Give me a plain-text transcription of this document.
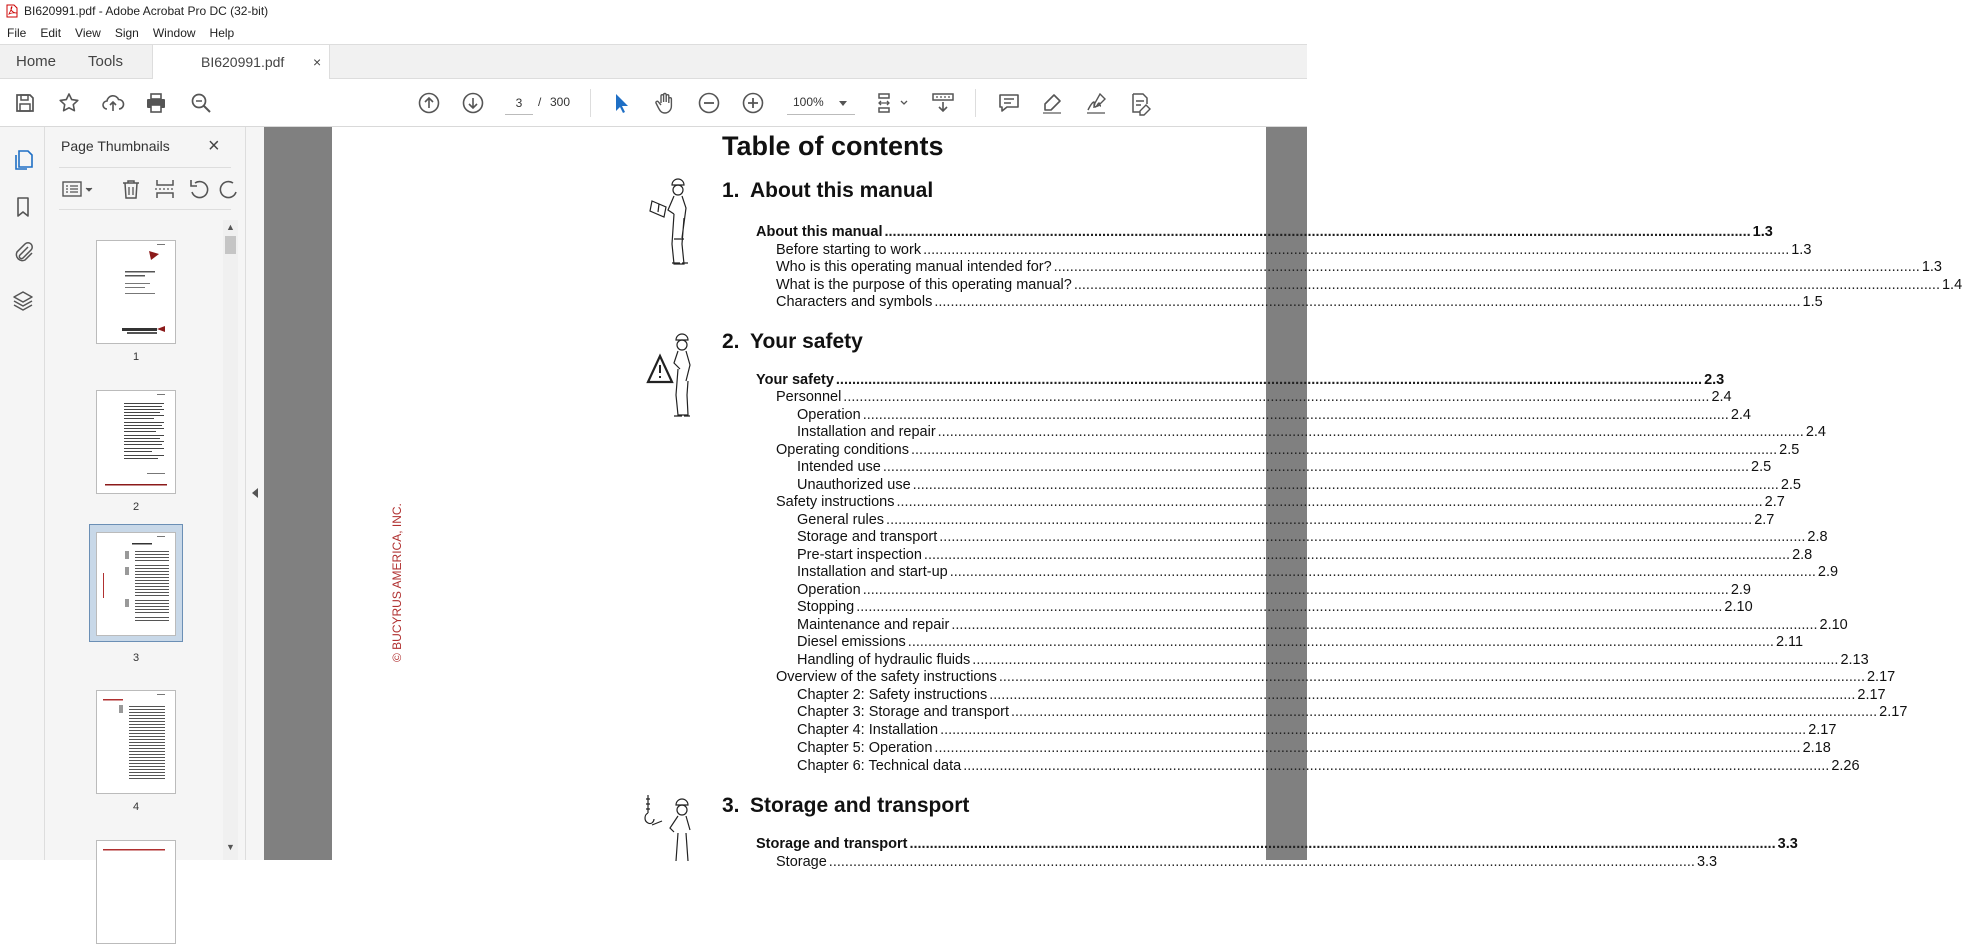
BI620991.pdf - Adobe Acrobat Pro DC (32-bit)
File	Edit	View	Sign	Window	Help
Home Tools	BI620991.pdf ×
3
/ 300	100%
Page Thumbnails ×
1
2
3
4
▲
▼
© BUCYRUS AMERICA, INC.
Table of contents
1. About this manual
2. Your safety
3. Storage and transport
About this manual .....	1.3
Before starting to work .....	1.3
Who is this operating manual intended for? .....	1.3
What is the purpose of this operating manual? .....	1.4
Characters and symbols .....	1.5
Your safety .....	2.3
Personnel .....	2.4
Operation .....	2.4
Installation and repair .....	2.4
Operating conditions .....	2.5
Intended use .....	2.5
Unauthorized use .....	2.5
Safety instructions .....	2.7
General rules .....	2.7
Storage and transport .....	2.8
Pre-start inspection .....	2.8
Installation and start-up .....	2.9
Operation .....	2.9
Stopping .....	2.10
Maintenance and repair .....	2.10
Diesel emissions .....	2.11
Handling of hydraulic fluids .....	2.13
Overview of the safety instructions .....	2.17
Chapter 2: Safety instructions .....	2.17
Chapter 3: Storage and transport .....	2.17
Chapter 4: Installation .....	2.17
Chapter 5: Operation .....	2.18
Chapter 6: Technical data .....	2.26
Storage and transport .....	3.3
Storage .....	3.3
